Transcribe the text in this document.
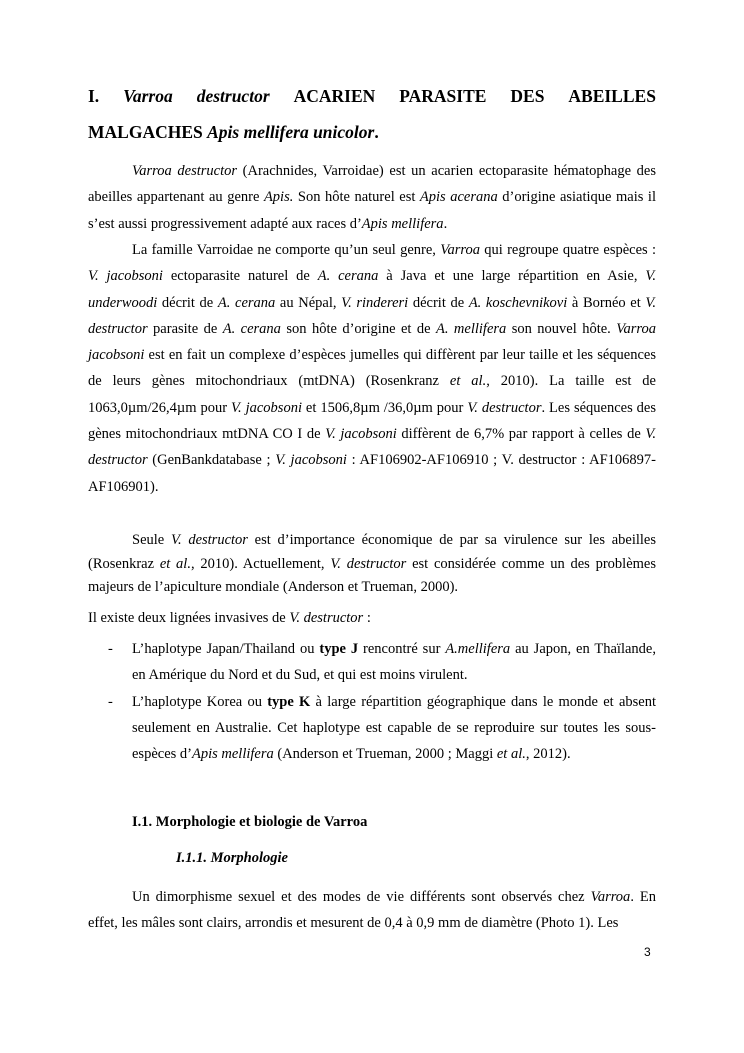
I. Varroa destructor ACARIEN PARASITE DES ABEILLES
MALGACHES Apis mellifera unicolor.

Varroa destructor (Arachnides, Varroidae) est un acarien ectoparasite hématophage des abeilles appartenant au genre Apis. Son hôte naturel est Apis acerana d’origine asiatique mais il s’est aussi progressivement adapté aux races d’Apis mellifera.

La famille Varroidae ne comporte qu’un seul genre, Varroa qui regroupe quatre espèces : V. jacobsoni ectoparasite naturel de A. cerana à Java et une large répartition en Asie, V. underwoodi décrit de A. cerana au Népal, V. rindereri décrit de A. koschevnikovi à Bornéo et V. destructor parasite de A. cerana son hôte d’origine et de A. mellifera son nouvel hôte. Varroa jacobsoni est en fait un complexe d’espèces jumelles qui diffèrent par leur taille et les séquences de leurs gènes mitochondriaux (mtDNA) (Rosenkranz et al., 2010). La taille est de 1063,0µm/26,4µm pour V. jacobsoni et 1506,8µm /36,0µm pour V. destructor. Les séquences des gènes mitochondriaux mtDNA CO I de V. jacobsoni diffèrent de 6,7% par rapport à celles de V. destructor (GenBankdatabase ; V. jacobsoni : AF106902-AF106910 ; V. destructor : AF106897-AF106901).

Seule V. destructor est d’importance économique de par sa virulence sur les abeilles (Rosenkraz et al., 2010). Actuellement, V. destructor est considérée comme un des problèmes majeurs de l’apiculture mondiale (Anderson et Trueman, 2000).

Il existe deux lignées invasives de V. destructor :

- L’haplotype Japan/Thailand ou type J rencontré sur A.mellifera au Japon, en Thaïlande, en Amérique du Nord et du Sud, et qui est moins virulent.
- L’haplotype Korea ou type K à large répartition géographique dans le monde et absent seulement en Australie. Cet haplotype est capable de se reproduire sur toutes les sous-espèces d’Apis mellifera (Anderson et Trueman, 2000 ; Maggi et al., 2012).
I.1. Morphologie et biologie de Varroa
I.1.1. Morphologie

Un dimorphisme sexuel et des modes de vie différents sont observés chez Varroa. En effet, les mâles sont clairs, arrondis et mesurent de 0,4 à 0,9 mm de diamètre (Photo 1). Les

3
